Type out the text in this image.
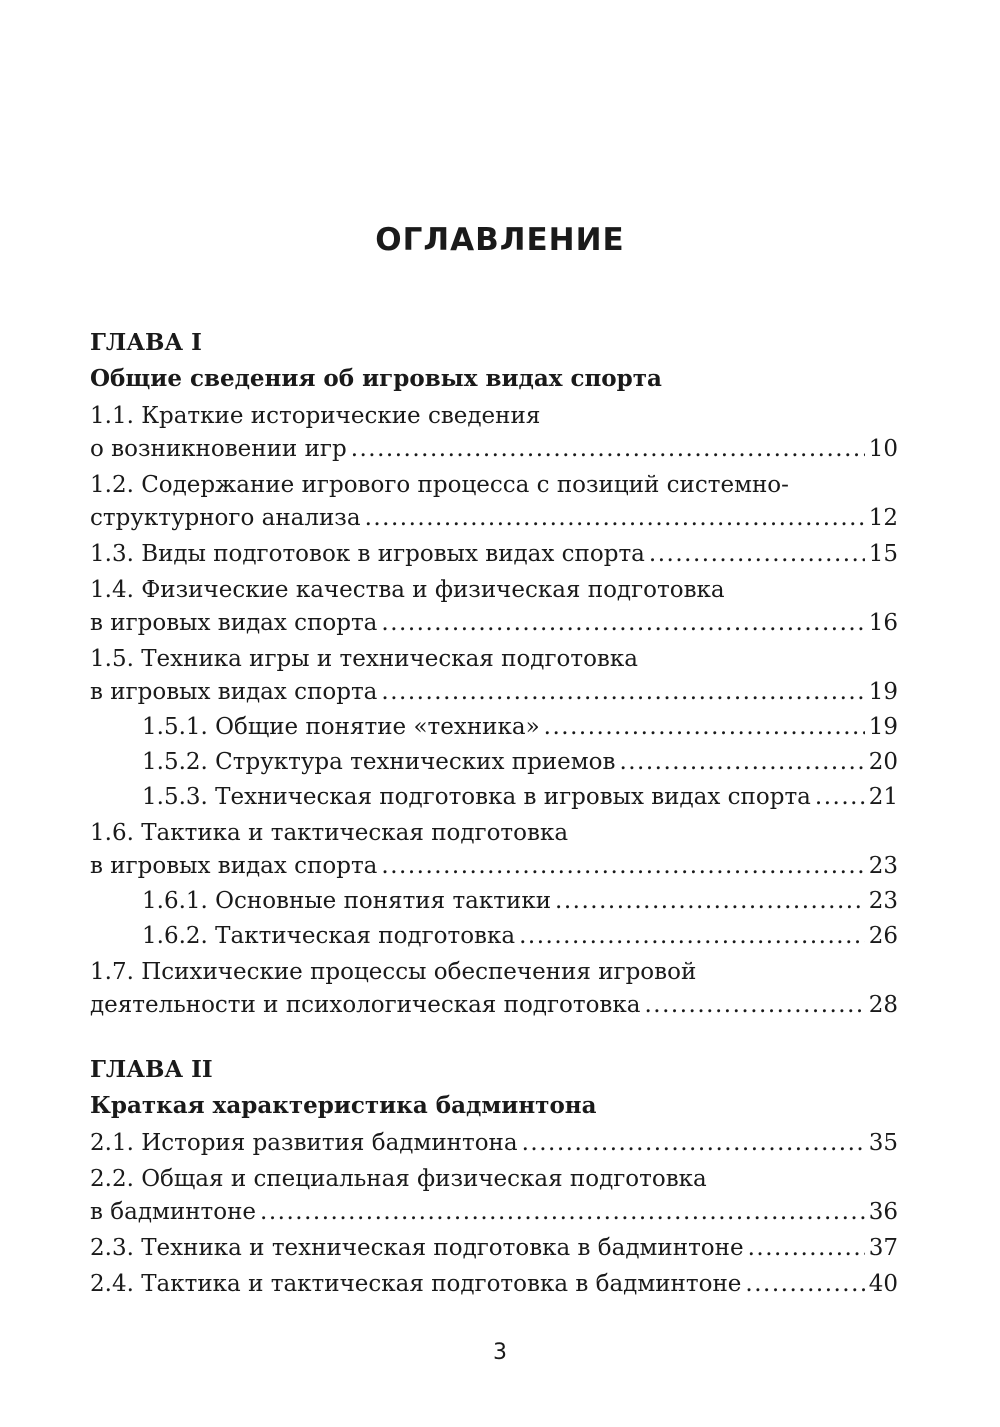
ОГЛАВЛЕНИЕ
ГЛАВА I
Общие сведения об игровых видах спорта
1.1. Краткие исторические сведения
о возникновении игр .....	10
1.2. Содержание игрового процесса с позиций системно-
структурного анализа .....	12
1.3. Виды подготовок в игровых видах спорта .....	15
1.4. Физические качества и физическая подготовка
в игровых видах спорта .....	16
1.5. Техника игры и техническая подготовка
в игровых видах спорта .....	19
1.5.1. Общие понятие «техника» .....	19
1.5.2. Структура технических приемов .....	20
1.5.3. Техническая подготовка в игровых видах спорта .....	21
1.6. Тактика и тактическая подготовка
в игровых видах спорта .....	23
1.6.1. Основные понятия тактики .....	23
1.6.2. Тактическая подготовка .....	26
1.7. Психические процессы обеспечения игровой
деятельности и психологическая подготовка .....	28
ГЛАВА II
Краткая характеристика бадминтона
2.1. История развития бадминтона .....	35
2.2. Общая и специальная физическая подготовка
в бадминтоне .....	36
2.3. Техника и техническая подготовка в бадминтоне .....	37
2.4. Тактика и тактическая подготовка в бадминтоне .....	40
3
